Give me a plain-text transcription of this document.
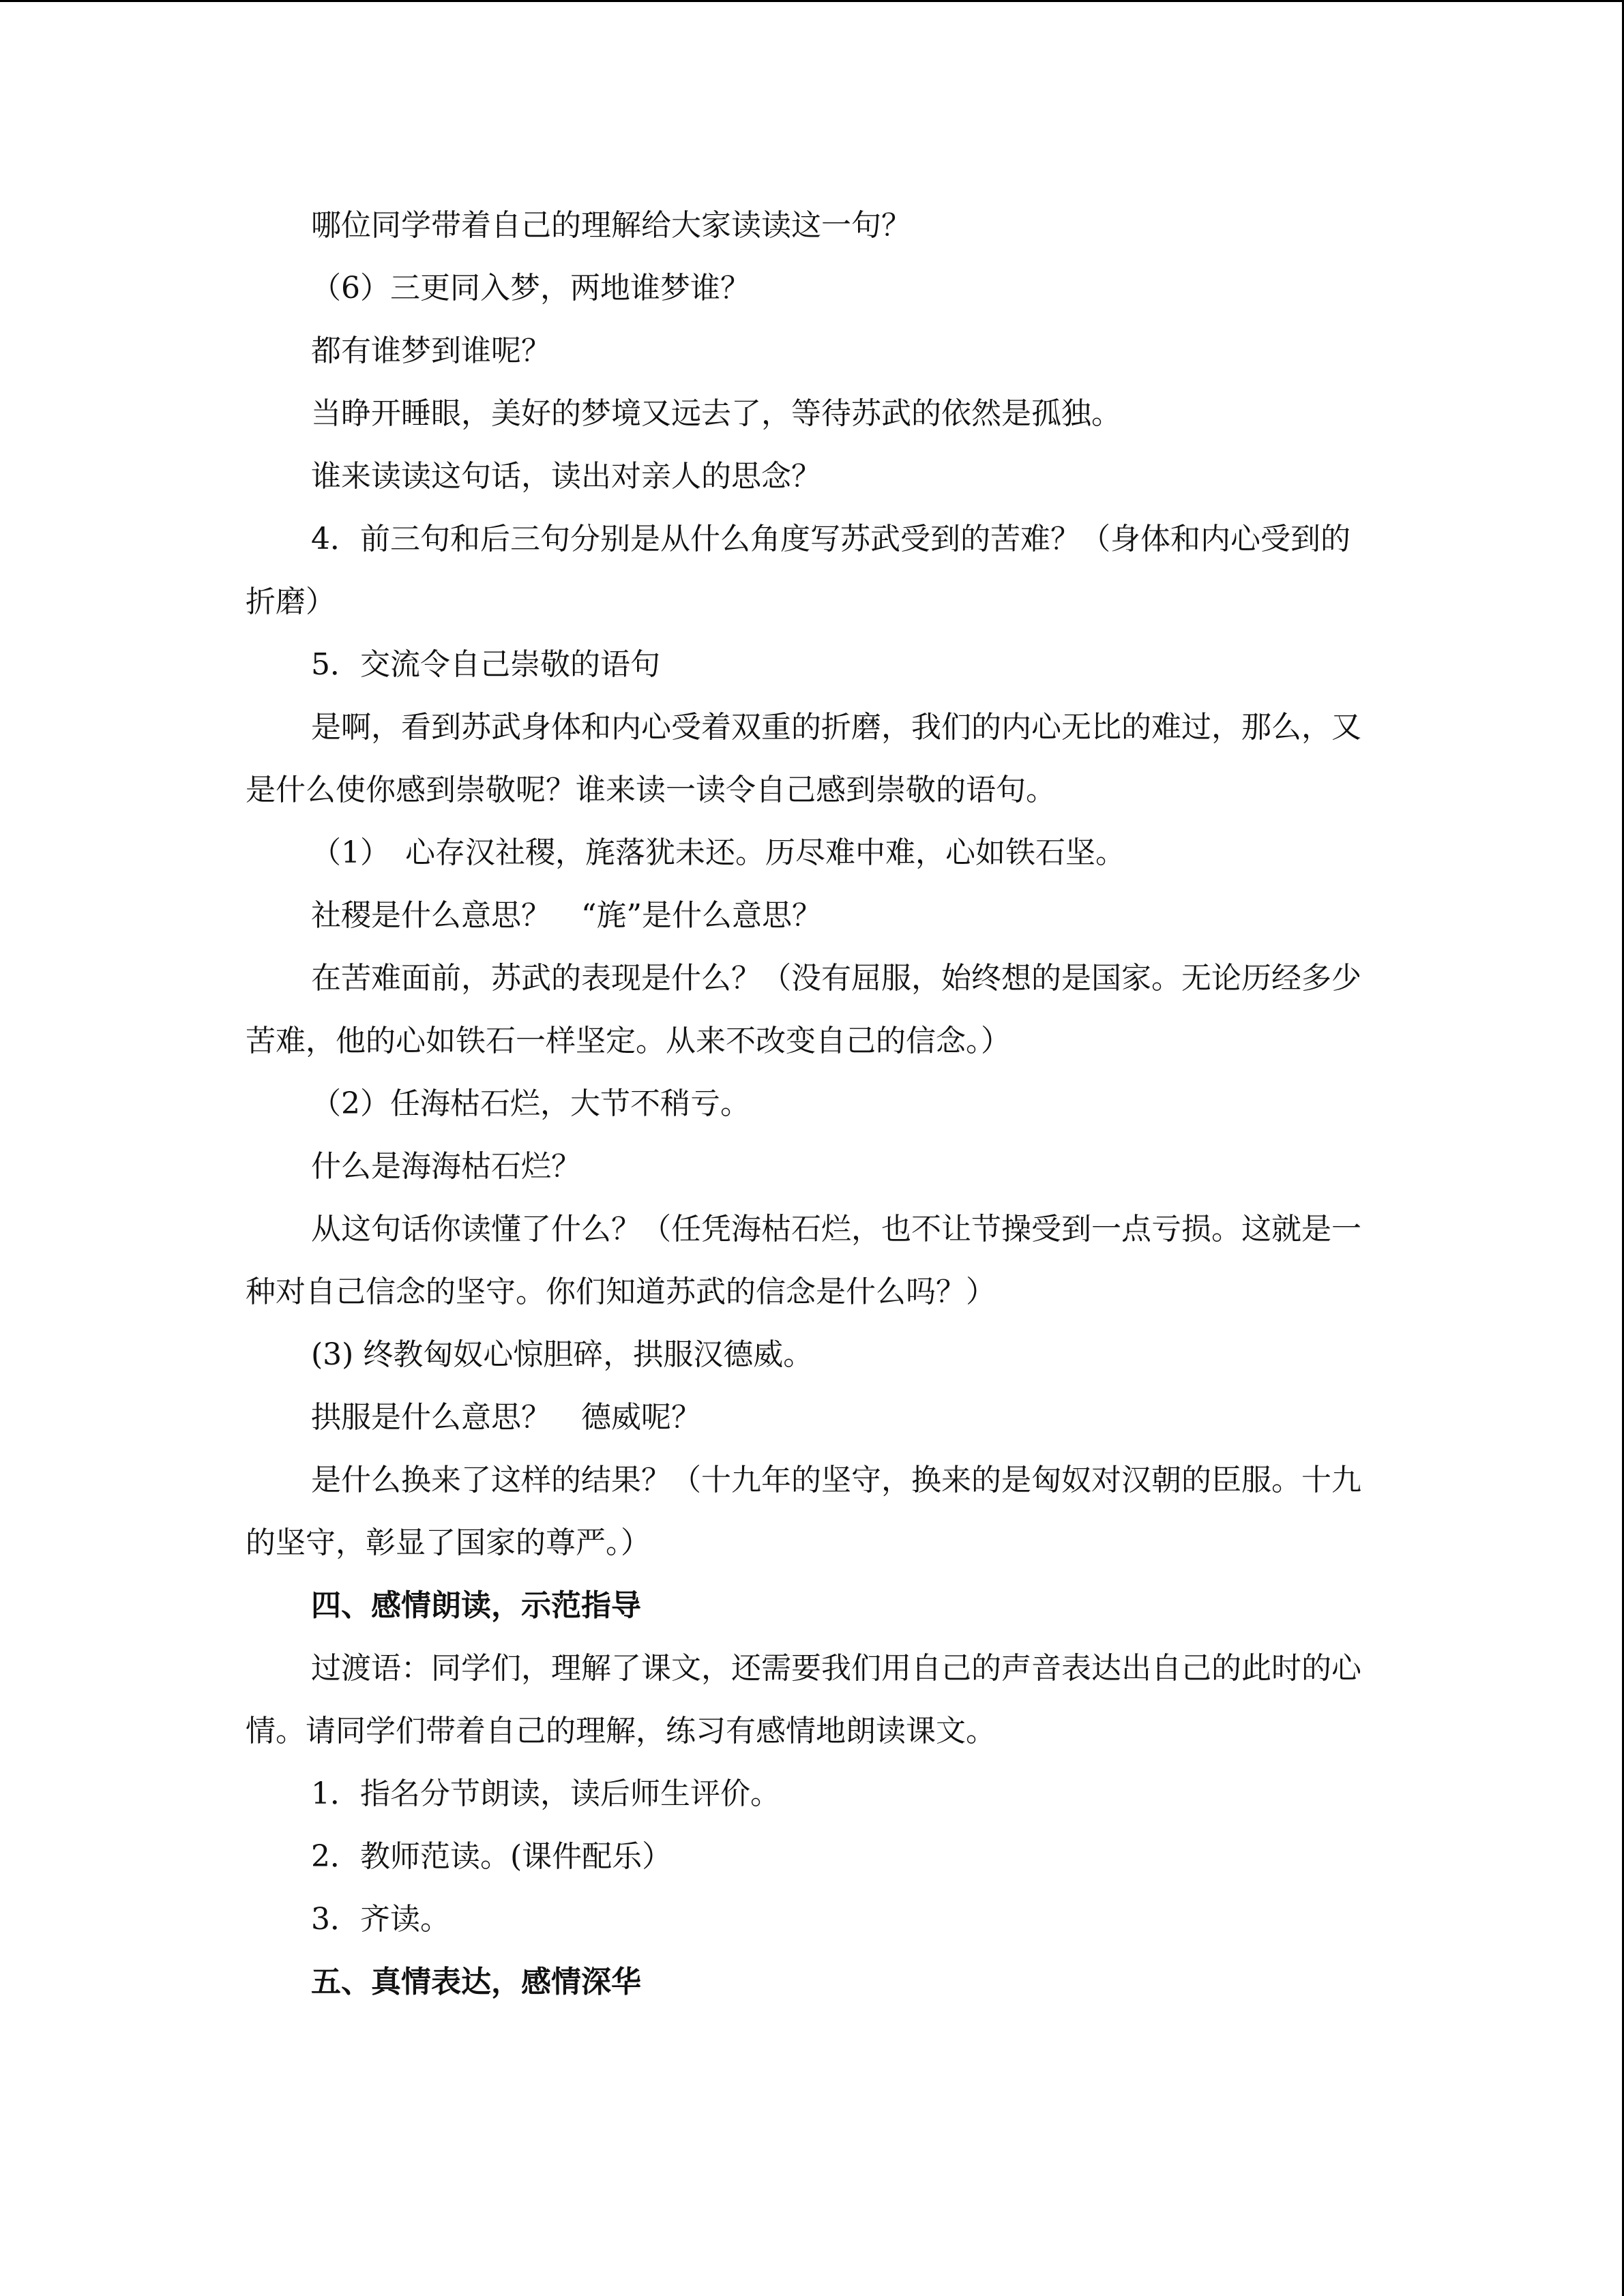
哪位同学带着自己的理解给大家读读这一句？

（6）三更同入梦，两地谁梦谁？

都有谁梦到谁呢？

当睁开睡眼，美好的梦境又远去了，等待苏武的依然是孤独。

谁来读读这句话，读出对亲人的思念？

4．前三句和后三句分别是从什么角度写苏武受到的苦难？（身体和内心受到的折磨）

5．交流令自己崇敬的语句

是啊，看到苏武身体和内心受着双重的折磨，我们的内心无比的难过，那么，又是什么使你感到崇敬呢？谁来读一读令自己感到崇敬的语句。

（1）　心存汉社稷，旄落犹未还。历尽难中难，心如铁石坚。

社稷是什么意思？　“旄”是什么意思？

在苦难面前，苏武的表现是什么？（没有屈服，始终想的是国家。无论历经多少苦难，他的心如铁石一样坚定。从来不改变自己的信念。）

（2）任海枯石烂，大节不稍亏。

什么是海海枯石烂？

从这句话你读懂了什么？（任凭海枯石烂，也不让节操受到一点亏损。这就是一种对自己信念的坚守。你们知道苏武的信念是什么吗？）

(3) 终教匈奴心惊胆碎，拱服汉德威。

拱服是什么意思？　德威呢？

是什么换来了这样的结果？（十九年的坚守，换来的是匈奴对汉朝的臣服。十九的坚守，彰显了国家的尊严。）

四、感情朗读，示范指导

过渡语：同学们，理解了课文，还需要我们用自己的声音表达出自己的此时的心情。请同学们带着自己的理解，练习有感情地朗读课文。

1．指名分节朗读，读后师生评价。

2．教师范读。(课件配乐）

3．齐读。

五、真情表达，感情深华
